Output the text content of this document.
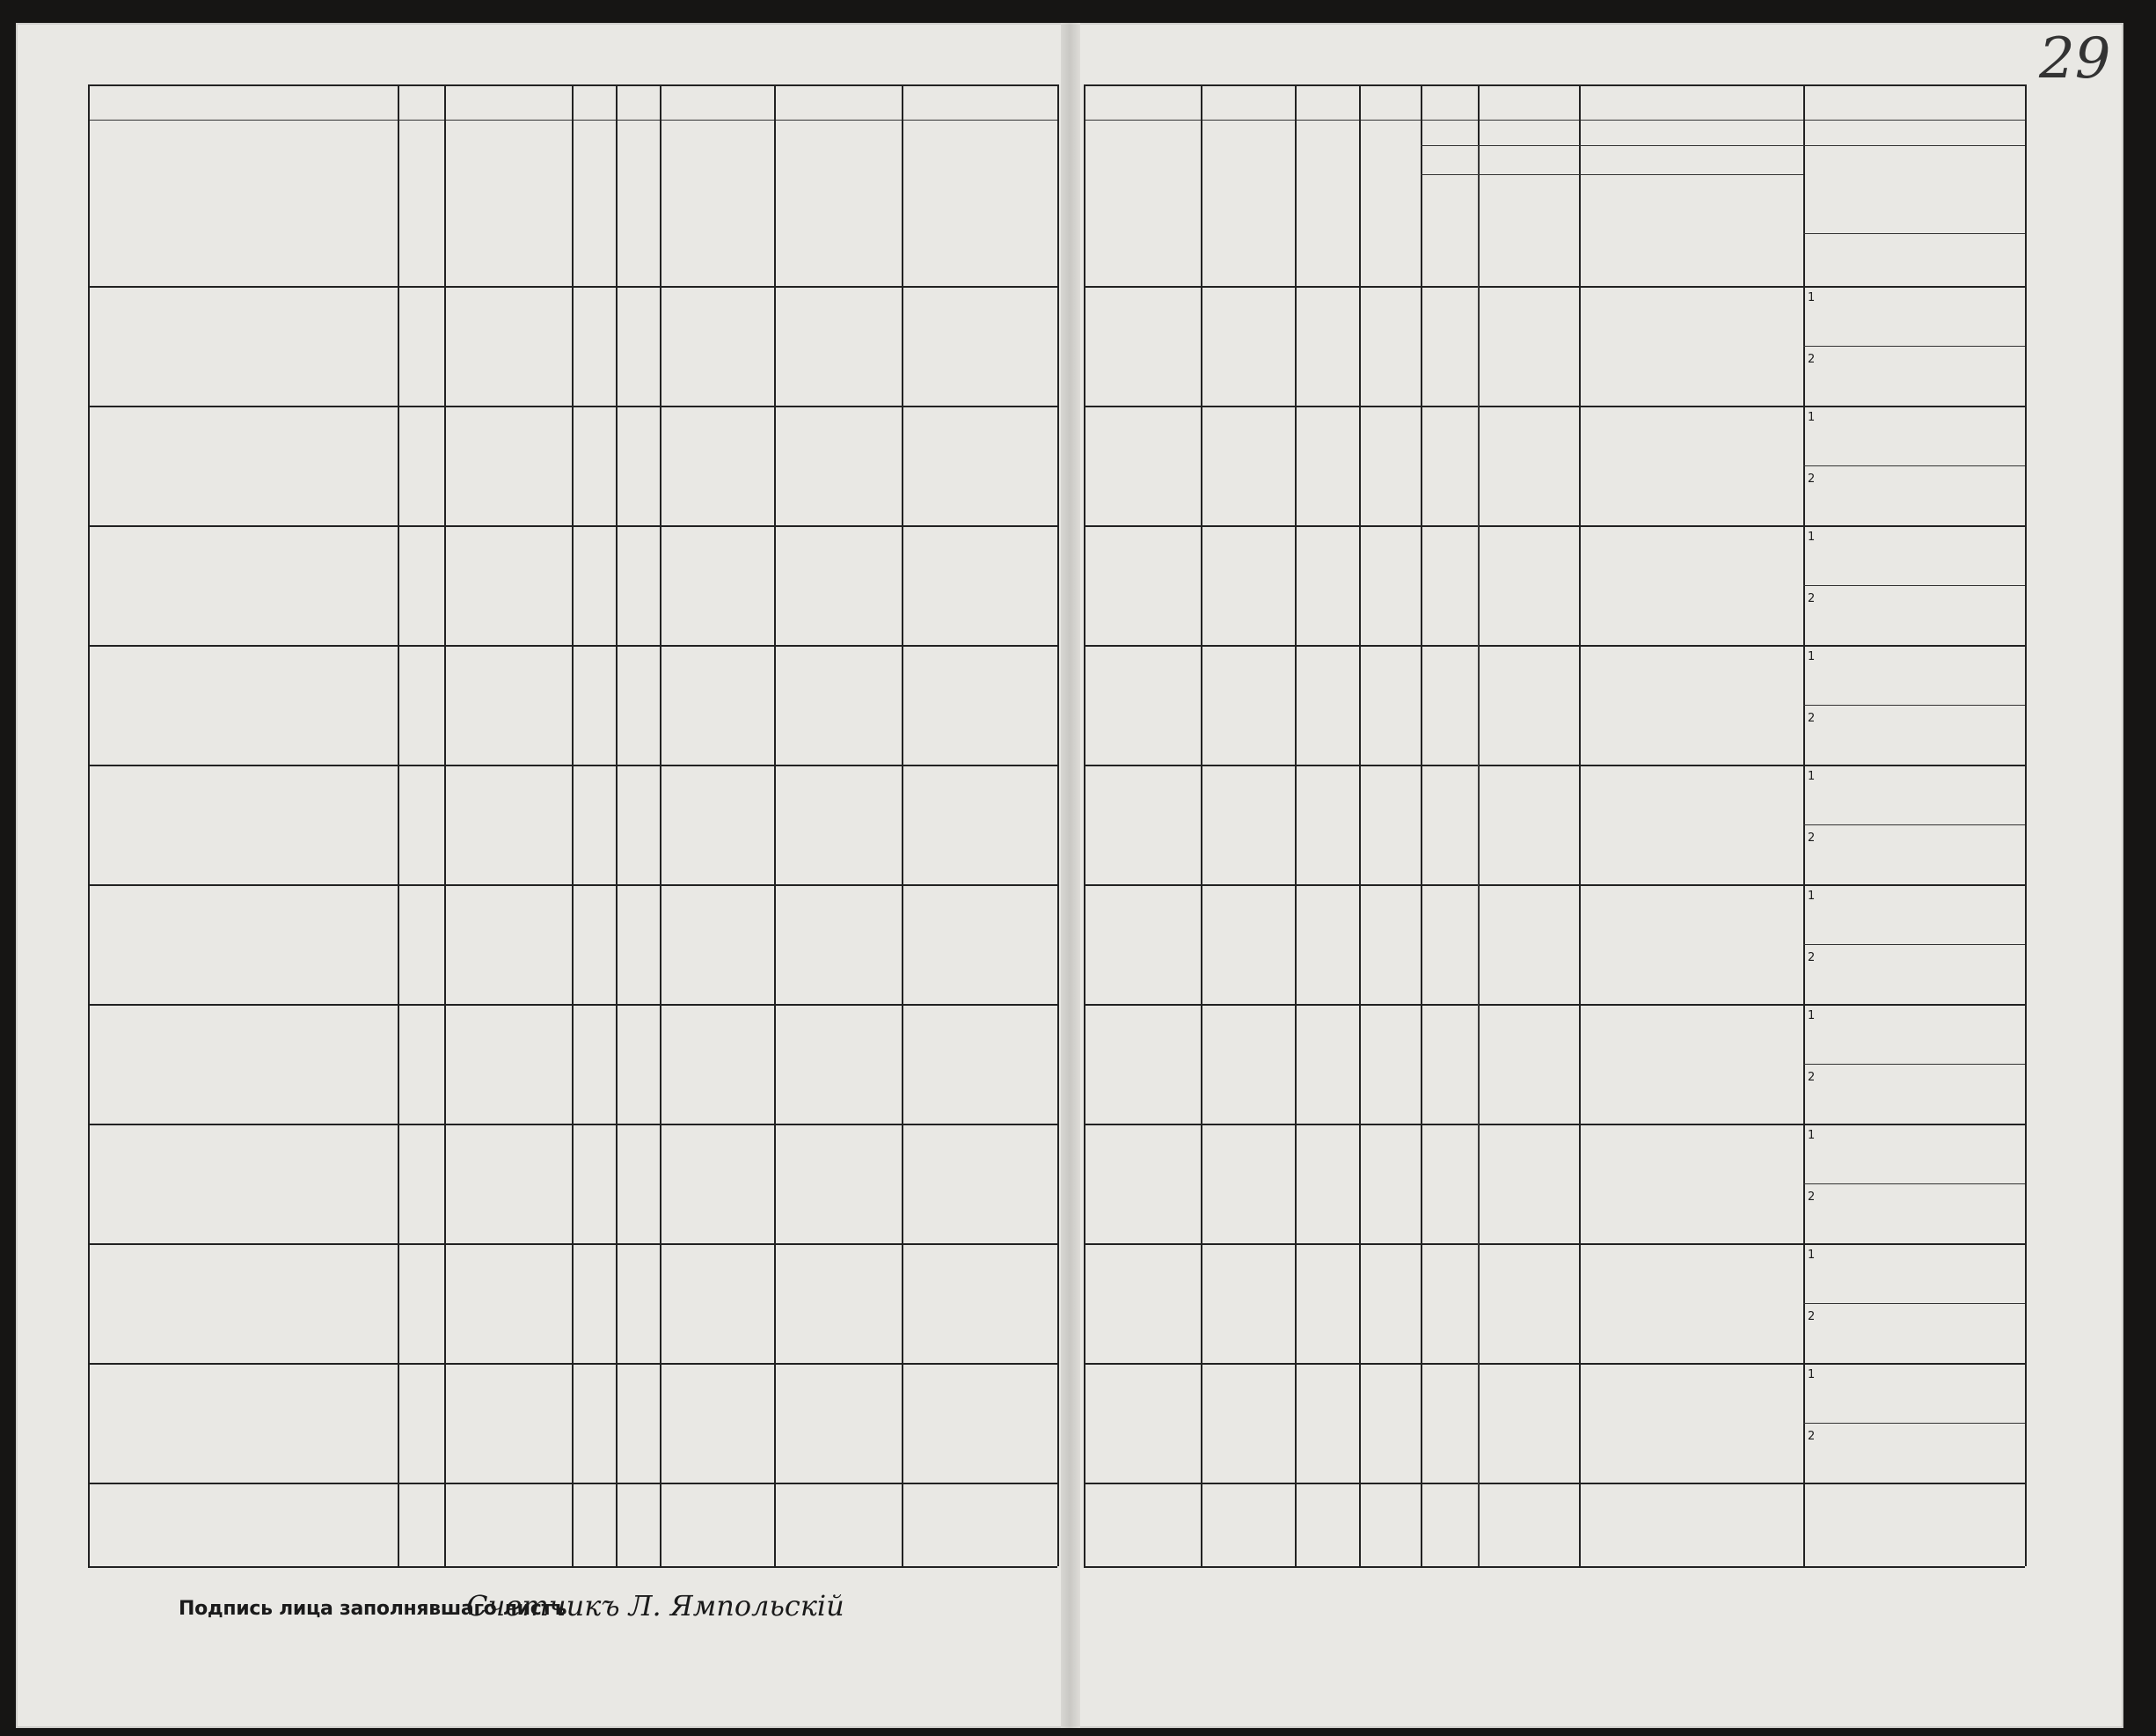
29
1
2
1
2
1
2
1
2
1
2
1
2
1
2
1
2
1
2
1
2
Подпись лица заполнявшаго листъ
Счетчикъ Л. Ямпольскій
